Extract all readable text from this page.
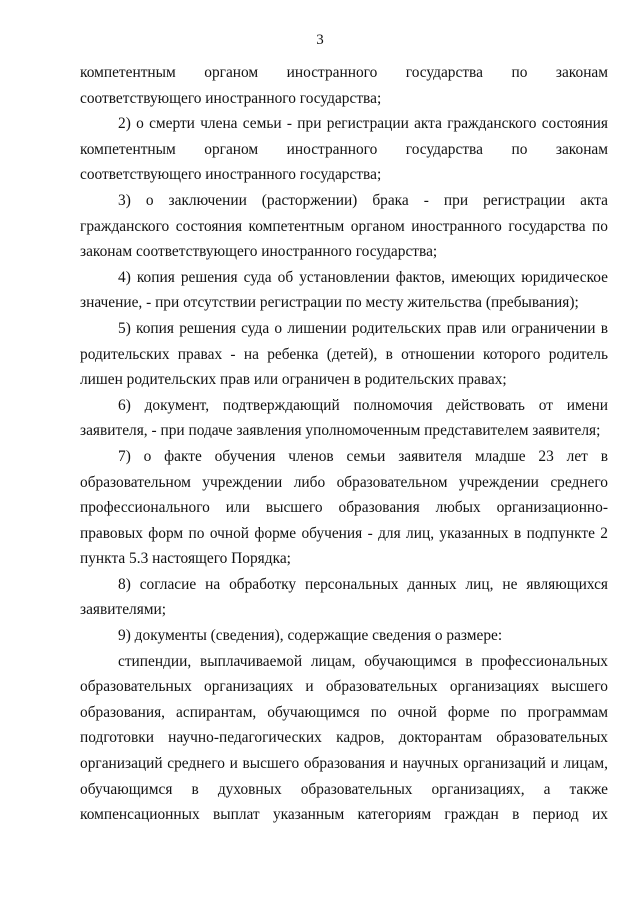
3

компетентным органом иностранного государства по законам соответствующего иностранного государства;

2) о смерти члена семьи - при регистрации акта гражданского состояния компетентным органом иностранного государства по законам соответствующего иностранного государства;

3) о заключении (расторжении) брака - при регистрации акта гражданского состояния компетентным органом иностранного государства по законам соответствующего иностранного государства;

4) копия решения суда об установлении фактов, имеющих юридическое значение, - при отсутствии регистрации по месту жительства (пребывания);

5) копия решения суда о лишении родительских прав или ограничении в родительских правах - на ребенка (детей), в отношении которого родитель лишен родительских прав или ограничен в родительских правах;

6) документ, подтверждающий полномочия действовать от имени заявителя, - при подаче заявления уполномоченным представителем заявителя;

7) о факте обучения членов семьи заявителя младше 23 лет в образовательном учреждении либо образовательном учреждении среднего профессионального или высшего образования любых организационно-правовых форм по очной форме обучения - для лиц, указанных в подпункте 2 пункта 5.3 настоящего Порядка;

8) согласие на обработку персональных данных лиц, не являющихся заявителями;

9) документы (сведения), содержащие сведения о размере:

стипендии, выплачиваемой лицам, обучающимся в профессиональных образовательных организациях и образовательных организациях высшего образования, аспирантам, обучающимся по очной форме по программам подготовки научно-педагогических кадров, докторантам образовательных организаций среднего и высшего образования и научных организаций и лицам, обучающимся в духовных образовательных организациях, а также компенсационных выплат указанным категориям граждан в период их
